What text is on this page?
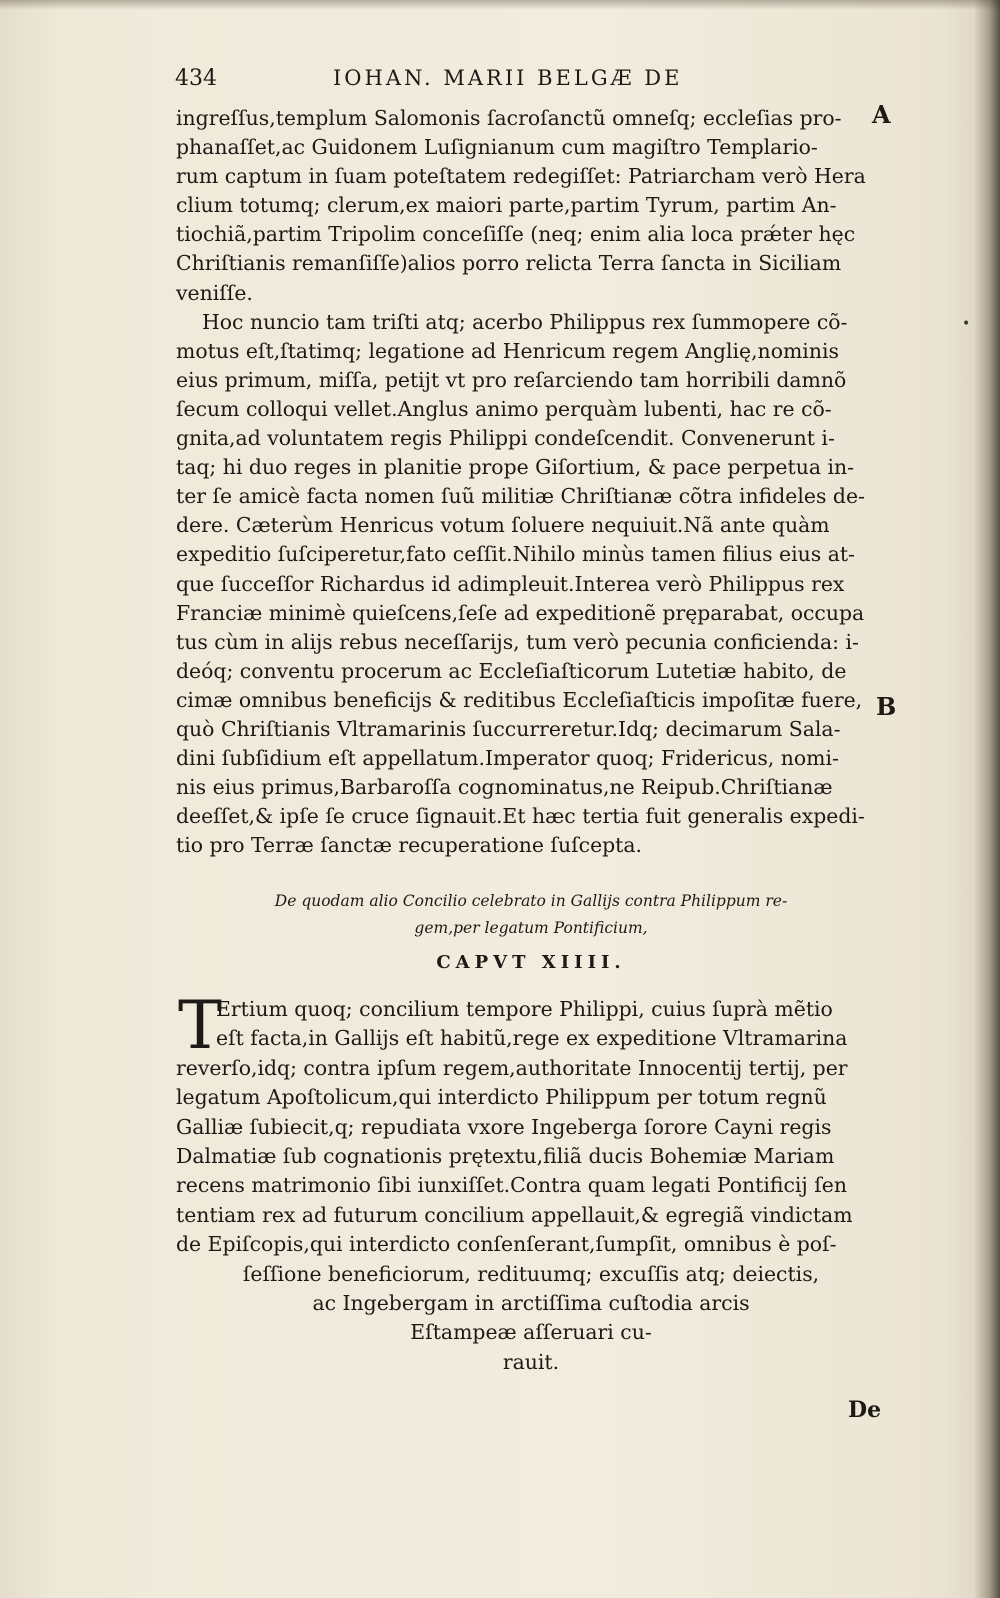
434	IOHAN. MARII BELGÆ DE
A
B
•
ingreſſus,templum Salomonis ſacroſanctũ omneſq; eccleſias pro-
phanaſſet,ac Guidonem Luſignianum cum magiſtro Templario-
rum captum in ſuam poteſtatem redegiſſet: Patriarcham verò Hera
clium totumq; clerum,ex maiori parte,partim Tyrum, partim An-
tiochiã,partim Tripolim conceſiſſe (neq; enim alia loca prǽter hęc
Chriſtianis remanſiſſe)alios porro relicta Terra ſancta in Siciliam
veniſſe.
Hoc nuncio tam triſti atq; acerbo Philippus rex ſummopere cõ-
motus eſt,ſtatimq; legatione ad Henricum regem Anglię,nominis
eius primum, miſſa, petijt vt pro reſarciendo tam horribili damnõ
ſecum colloqui vellet.Anglus animo perquàm lubenti, hac re cõ-
gnita,ad voluntatem regis Philippi condeſcendit. Convenerunt i-
taq; hi duo reges in planitie prope Giſortium, & pace perpetua in-
ter ſe amicè facta nomen ſuũ militiæ Chriſtianæ cõtra infideles de-
dere. Cæterùm Henricus votum ſoluere nequiuit.Nã ante quàm
expeditio ſuſciperetur,fato ceſſit.Nihilo minùs tamen filius eius at-
que ſucceſſor Richardus id adimpleuit.Interea verò Philippus rex
Franciæ minimè quieſcens,ſeſe ad expeditionẽ pręparabat, occupa
tus cùm in alijs rebus neceſſarijs, tum verò pecunia conficienda: i-
deóq; conventu procerum ac Eccleſiaſticorum Lutetiæ habito, de
cimæ omnibus beneficijs & reditibus Eccleſiaſticis impoſitæ fuere,
quò Chriſtianis Vltramarinis ſuccurreretur.Idq; decimarum Sala-
dini ſubſidium eſt appellatum.Imperator quoq; Fridericus, nomi-
nis eius primus,Barbaroſſa cognominatus,ne Reipub.Chriſtianæ
deeſſet,& ipſe ſe cruce ſignauit.Et hæc tertia fuit generalis expedi-
tio pro Terræ ſanctæ recuperatione ſuſcepta.
De quodam alio Concilio celebrato in Gallijs contra Philippum re-
gem,per legatum Pontificium,
CAPVT XIIII.
T
Ertium quoq; concilium tempore Philippi, cuius ſuprà mẽtio
eſt facta,in Gallijs eſt habitũ,rege ex expeditione Vltramarina
reverſo,idq; contra ipſum regem,authoritate Innocentij tertij, per
legatum Apoſtolicum,qui interdicto Philippum per totum regnũ
Galliæ ſubiecit,q; repudiata vxore Ingeberga ſorore Cayni regis
Dalmatiæ ſub cognationis prętextu,filiã ducis Bohemiæ Mariam
recens matrimonio ſibi iunxiſſet.Contra quam legati Pontificij ſen
tentiam rex ad futurum concilium appellauit,& egregiã vindictam
de Epiſcopis,qui interdicto conſenſerant,ſumpſit, omnibus è poſ-
ſeſſione beneficiorum, redituumq; excuſſis atq; deiectis,
ac Ingebergam in arctiſſima cuſtodia arcis
Eſtampeæ aſſeruari cu-
rauit.
De
